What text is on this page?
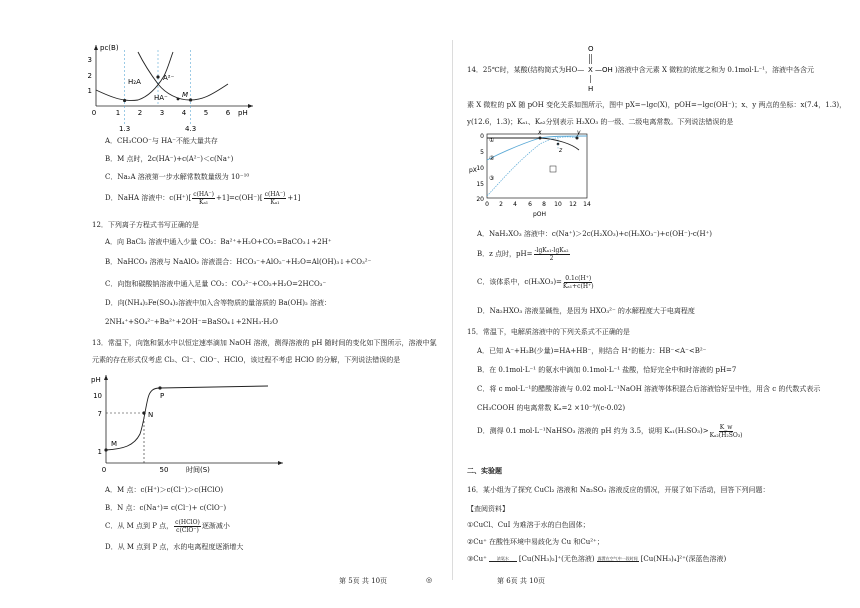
1
2
3
pc(B)
0	1	2	3	4	5	6 pH
H₂A	A²⁻
HA⁻ M
1.3	4.3
A．CH₃COO⁻与 HA⁻不能大量共存
B．M 点时，2c(HA⁻)+c(A²⁻)＜c(Na⁺)
C．Na₂A 溶液第一步水解常数数量级为 10⁻¹⁰
D．NaHA 溶液中：$c(H^+)[ \frac{c(HA^-)}{\text{Kₐ₁}} +1]=c(OH^-)[ \frac{c(HA^-)}{\text{Kₐ₁}} +1]$
12．下列离子方程式书写正确的是
A．向 BaCl₂ 溶液中通入少量 CO₂：Ba²⁺+H₂O+CO₂=BaCO₃↓+2H⁺
B．NaHCO₃ 溶液与 NaAlO₂ 溶液混合：HCO₃⁻+AlO₂⁻+H₂O=Al(OH)₃↓+CO₃²⁻
C．向饱和碳酸钠溶液中通入足量 CO₂：CO₃²⁻+CO₂+H₂O=2HCO₃⁻
D．向(NH₄)₂Fe(SO₄)₂溶液中加入含等物质的量溶质的 Ba(OH)₂ 溶液：
2NH₄⁺+SO₄²⁻+Ba²⁺+2OH⁻=BaSO₄↓+2NH₃·H₂O
13．常温下，向饱和氯水中以恒定速率滴加 NaOH 溶液，测得溶液的 pH 随时间的变化如下图所示，溶液中氯
元素的存在形式仅考虑 Cl₂、Cl⁻、ClO⁻、HClO，该过程不考虑 HClO 的分解，下列说法错误的是
pH
10
7
1
0	50	时间(S)
P
N
M
A．M 点：c(H⁺)＞c(Cl⁻)＞c(HClO)
B．N 点：c(Na⁺)= c(Cl⁻)+ c(ClO⁻)
C．从 M 点到 P 点， $\frac{\text{c(HClO)}}{\text{c(ClO⁻)}}$ 逐渐减小
D．从 M 点到 P 点，水的电离程度逐渐增大
第 5页 共 10页	◎
O
X —OH
H
14．25℃时，某酸(结构简式为HO—	)溶液中含元素 X 微粒的浓度之和为 0.1mol·L⁻¹，溶液中各含元
素 X 微粒的 pX 随 pOH 变化关系如图所示，图中 pX=−lgc(X)，pOH=−lgc(OH⁻)；x、y 两点的坐标：x(7.4，1.3)，
y(12.6，1.3)；Kₐ₁、Kₐ₂分别表示 H₃XO₃ 的一级、二级电离常数。下列说法错误的是
pX
0
5
10
15
20
0 2 4 6 8 10 12 14
pOH
x	y
z
①
②
③
A．NaH₂XO₃ 溶液中：c(Na⁺)＞2c(H₂XO₃)+c(H₂XO₃⁻)+c(OH⁻)-c(H⁺)
B．z 点时，$pH= \frac{\text{-lgKₐ₁-lgKₐ₂}}{2}$
C．该体系中，$c(H_3XO_3)= \frac{0.1c(H^+)}{\text{Kₐ₁+c(H⁺)}}$
D．Na₂HXO₃ 溶液显碱性，是因为 HXO₃²⁻ 的水解程度大于电离程度
15．常温下，电解质溶液中的下列关系式不正确的是
A．已知 A⁻+H₂B(少量)=HA+HB⁻，则结合 H⁺的能力：HB⁻<A⁻<B²⁻
B．在 0.1mol·L⁻¹ 的氨水中滴加 0.1mol·L⁻¹ 盐酸，恰好完全中和时溶液的 pH=7
C．将 c mol·L⁻¹的醋酸溶液与 0.02 mol·L⁻¹NaOH 溶液等体积混合后溶液恰好呈中性，用含 c 的代数式表示
CH₃COOH 的电离常数 Kₐ=2 ×10⁻⁹/(c-0.02)
D．测得 0.1 mol·L⁻¹NaHSO₃ 溶液的 pH 约为 3.5，说明 $K_{a1}(H_2SO_3)> \frac{K\_w}{\text{Kₐ₂(H₂SO₃)}}$
二、实验题
16．某小组为了探究 CuCl₂ 溶液和 Na₂SO₃ 溶液反应的情况，开展了如下活动，回答下列问题：
【查阅资料】
①CuCl、CuI 为难溶于水的白色固体；
②Cu⁺ 在酸性环境中易歧化为 Cu 和Cu²⁺；
③Cu⁺	浓氨水 [Cu(NH₃)₂]⁺(无色溶液) 露置在空气中一段时间 [Cu(NH₃)₄]²⁺(深蓝色溶液)
第 6页 共 10页
